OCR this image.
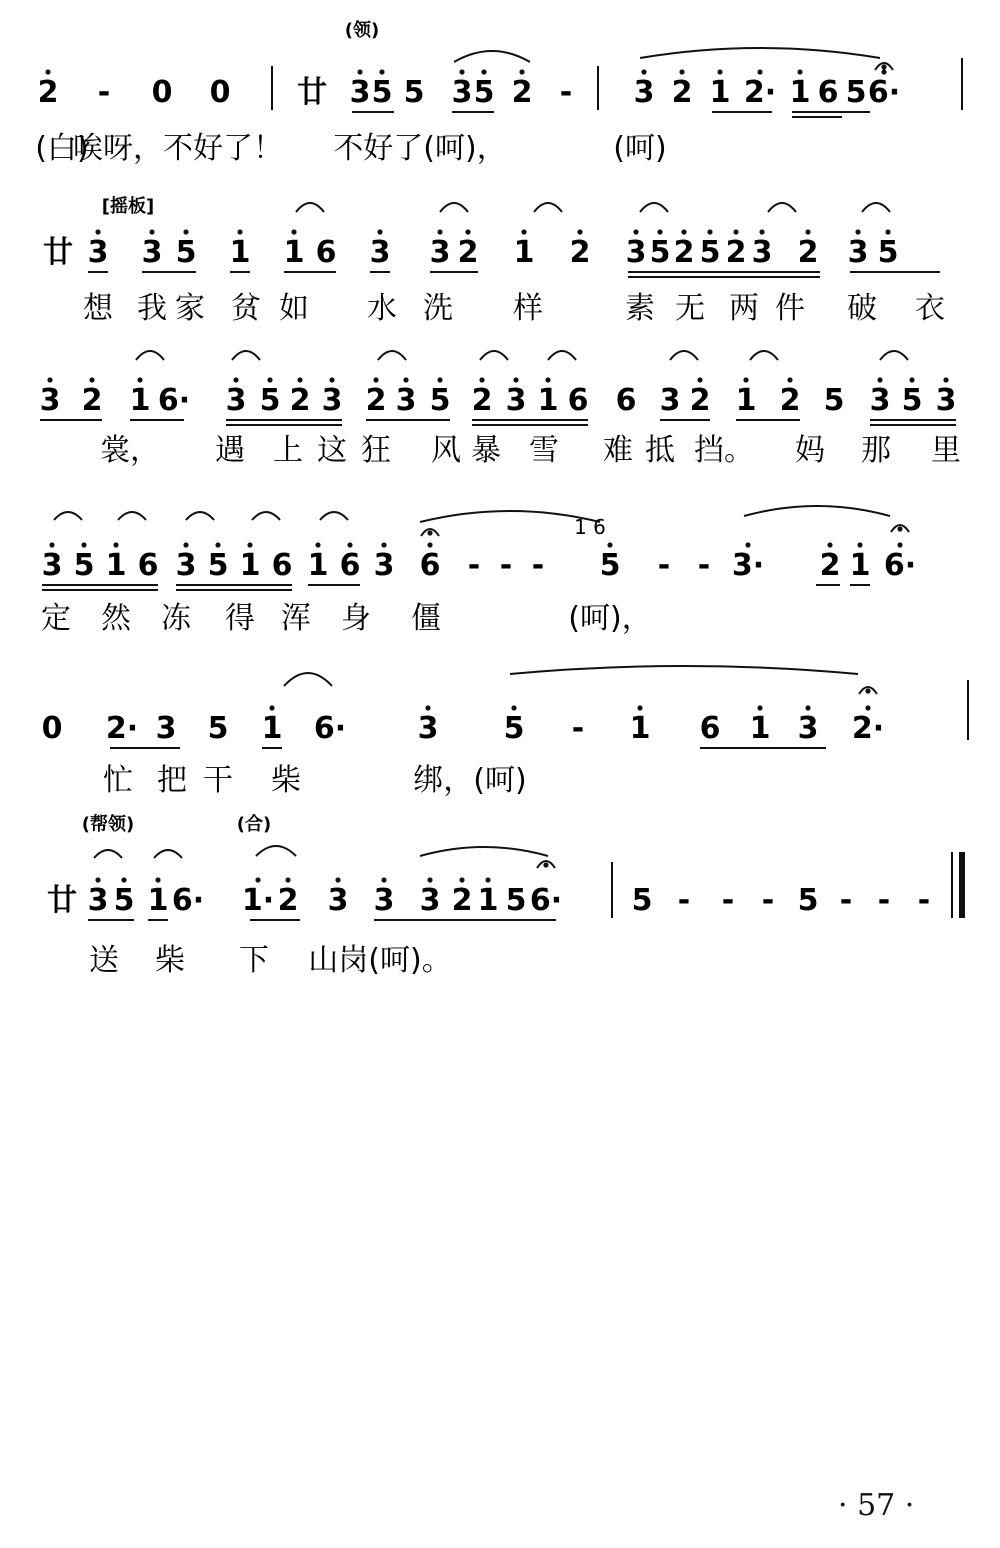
2 - 0 0 廿 3 5 5 3 5 2 - 3 2 1 2· 1 6 5 6·
廿 3 3 5 1 1 6 3 3 2 1 2 3 5 2 5 2 3 2 3 5
3 2 1 6· 3 5 2 3 2 3 5 2 3 1 6 6 3 2 1 2 5 3 5 3
3 5 1 6 3 5 1 6 1 6 3 6 - - - 5 - - 3· 2 1 6·
1 6
0 2· 3 5 1 6· 3 5 - 1 6 1 3 2·
廿 3 5 1 6· 1· 2 3 3 3 2 1 5 6· 5 - - - 5 - - -
(领)
(白)
唉呀，不好了！ 不好了(呵)，	(呵)
[摇板]
想 我 家 贫 如 水 洗 样	素 无 两 件 破 衣
裳， 遇 上 这 狂 风 暴 雪 难 抵 挡。 妈 那 里
定 然 冻 得 浑 身 僵	(呵)，
忙 把 干 柴	绑，(呵)
(帮领)	(合)
送 柴 下 山岗(呵)。
· 57 ·
